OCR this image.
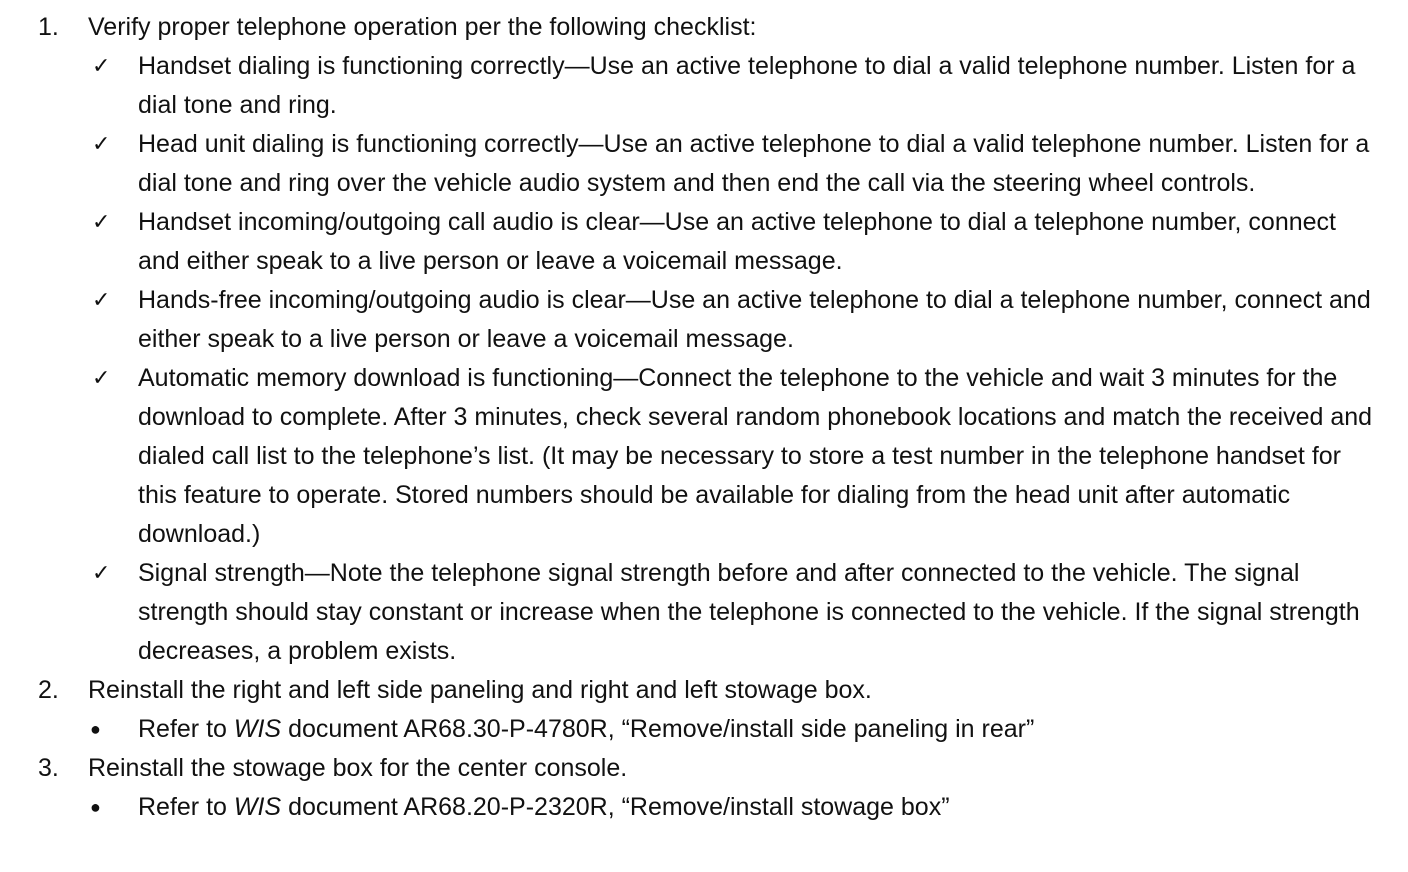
1.	Verify proper telephone operation per the following checklist:
✓ Handset dialing is functioning correctly—Use an active telephone to dial a valid telephone number. Listen for a dial tone and ring.
✓ Head unit dialing is functioning correctly—Use an active telephone to dial a valid telephone number. Listen for a dial tone and ring over the vehicle audio system and then end the call via the steering wheel controls.
✓ Handset incoming/outgoing call audio is clear—Use an active telephone to dial a telephone number, connect and either speak to a live person or leave a voicemail message.
✓ Hands-free incoming/outgoing audio is clear—Use an active telephone to dial a telephone number, connect and either speak to a live person or leave a voicemail message.
✓ Automatic memory download is functioning—Connect the telephone to the vehicle and wait 3 minutes for the download to complete. After 3 minutes, check several random phonebook locations and match the received and dialed call list to the telephone’s list. (It may be necessary to store a test number in the telephone handset for this feature to operate. Stored numbers should be available for dialing from the head unit after automatic download.)
✓ Signal strength—Note the telephone signal strength before and after connected to the vehicle. The signal strength should stay constant or increase when the telephone is connected to the vehicle. If the signal strength decreases, a problem exists.
2.	Reinstall the right and left side paneling and right and left stowage box.
● Refer to WIS document AR68.30-P-4780R, “Remove/install side paneling in rear”
3.	Reinstall the stowage box for the center console.
● Refer to WIS document AR68.20-P-2320R, “Remove/install stowage box”
